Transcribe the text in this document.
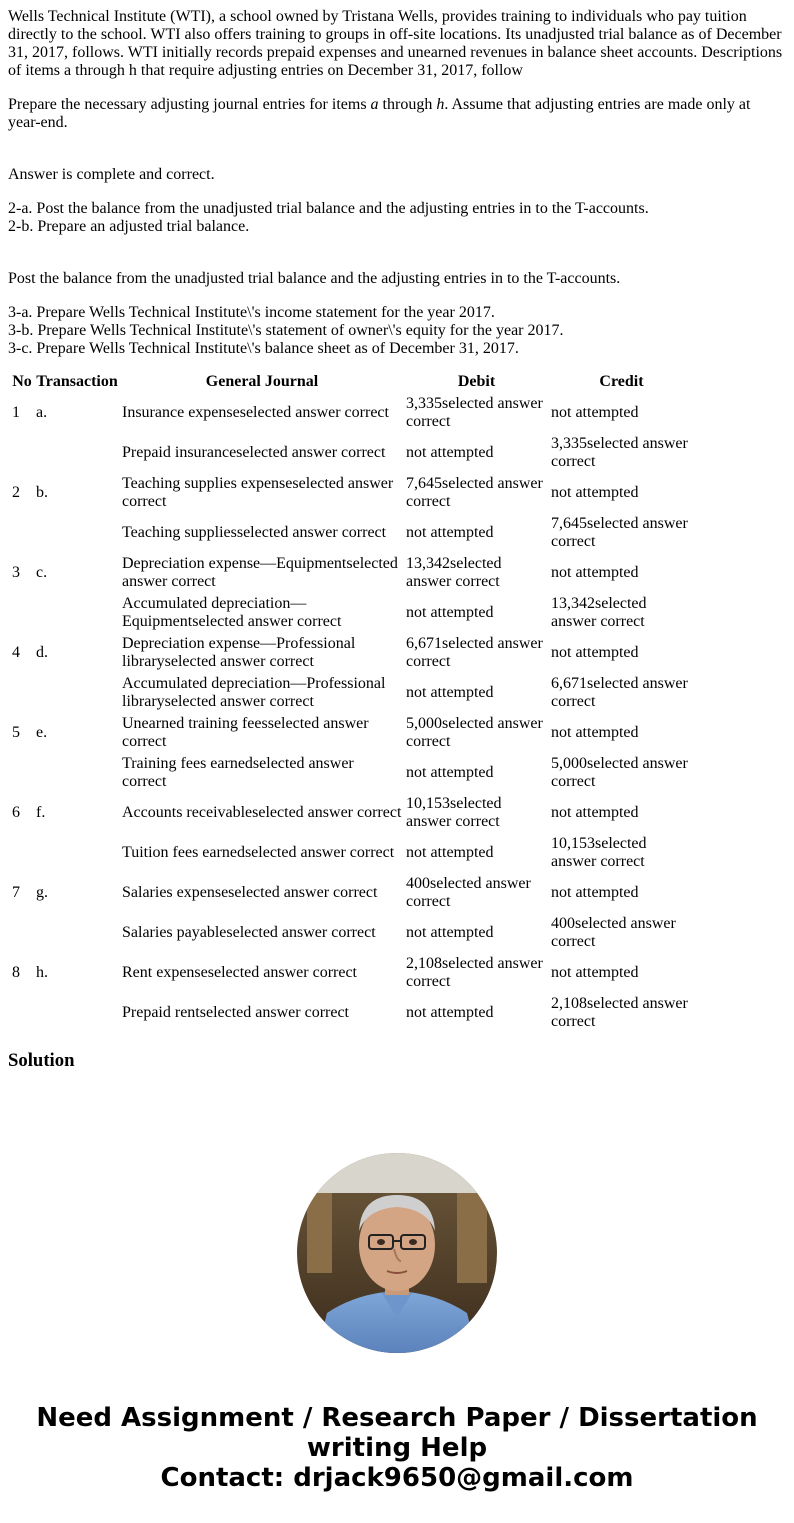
Wells Technical Institute (WTI), a school owned by Tristana Wells, provides training to individuals who pay tuition directly to the school. WTI also offers training to groups in off-site locations. Its unadjusted trial balance as of December 31, 2017, follows. WTI initially records prepaid expenses and unearned revenues in balance sheet accounts. Descriptions of items a through h that require adjusting entries on December 31, 2017, follow

Prepare the necessary adjusting journal entries for items a through h. Assume that adjusting entries are made only at year-end.

Answer is complete and correct.

2-a. Post the balance from the unadjusted trial balance and the adjusting entries in to the T-accounts.
2-b. Prepare an adjusted trial balance.

Post the balance from the unadjusted trial balance and the adjusting entries in to the T-accounts.

3-a. Prepare Wells Technical Institute\'s income statement for the year 2017.
3-b. Prepare Wells Technical Institute\'s statement of owner\'s equity for the year 2017.
3-c. Prepare Wells Technical Institute\'s balance sheet as of December 31, 2017.

No	Transaction	General Journal	Debit	Credit
1	a.	Insurance expenseselected answer correct	3,335selected answer correct	not attempted
		Prepaid insuranceselected answer correct	not attempted	3,335selected answer correct
2	b.	Teaching supplies expenseselected answer correct	7,645selected answer correct	not attempted
		Teaching suppliesselected answer correct	not attempted	7,645selected answer correct
3	c.	Depreciation expense—Equipmentselected answer correct	13,342selected answer correct	not attempted
		Accumulated depreciation—Equipmentselected answer correct	not attempted	13,342selected answer correct
4	d.	Depreciation expense—Professional libraryselected answer correct	6,671selected answer correct	not attempted
		Accumulated depreciation—Professional libraryselected answer correct	not attempted	6,671selected answer correct
5	e.	Unearned training feesselected answer correct	5,000selected answer correct	not attempted
		Training fees earnedselected answer correct	not attempted	5,000selected answer correct
6	f.	Accounts receivableselected answer correct	10,153selected answer correct	not attempted
		Tuition fees earnedselected answer correct	not attempted	10,153selected answer correct
7	g.	Salaries expenseselected answer correct	400selected answer correct	not attempted
		Salaries payableselected answer correct	not attempted	400selected answer correct
8	h.	Rent expenseselected answer correct	2,108selected answer correct	not attempted
		Prepaid rentselected answer correct	not attempted	2,108selected answer correct
Solution
Need Assignment / Research Paper / Dissertation
writing Help
Contact: drjack9650@gmail.com
